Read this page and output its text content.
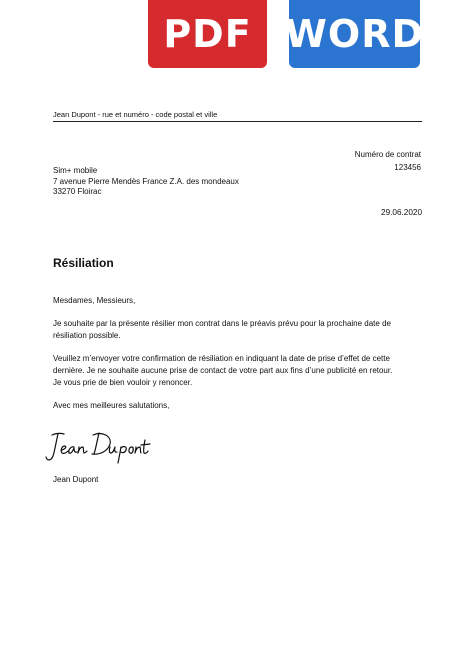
PDF WORD
Jean Dupont - rue et numéro - code postal et ville
Numéro de contrat
123456
Sim+ mobile
7 avenue Pierre Mendès France Z.A. des mondeaux
33270 Floirac
29.06.2020
Résiliation

Mesdames, Messieurs,

Je souhaite par la présente résilier mon contrat dans le préavis prévu pour la prochaine date de résiliation possible.

Veuillez m’envoyer votre confirmation de résiliation en indiquant la date de prise d’effet de cette dernière. Je ne souhaite aucune prise de contact de votre part aux fins d’une publicité en retour. Je vous prie de bien vouloir y renoncer.

Avec mes meilleures salutations,

Jean Dupont
Jean Dupont
